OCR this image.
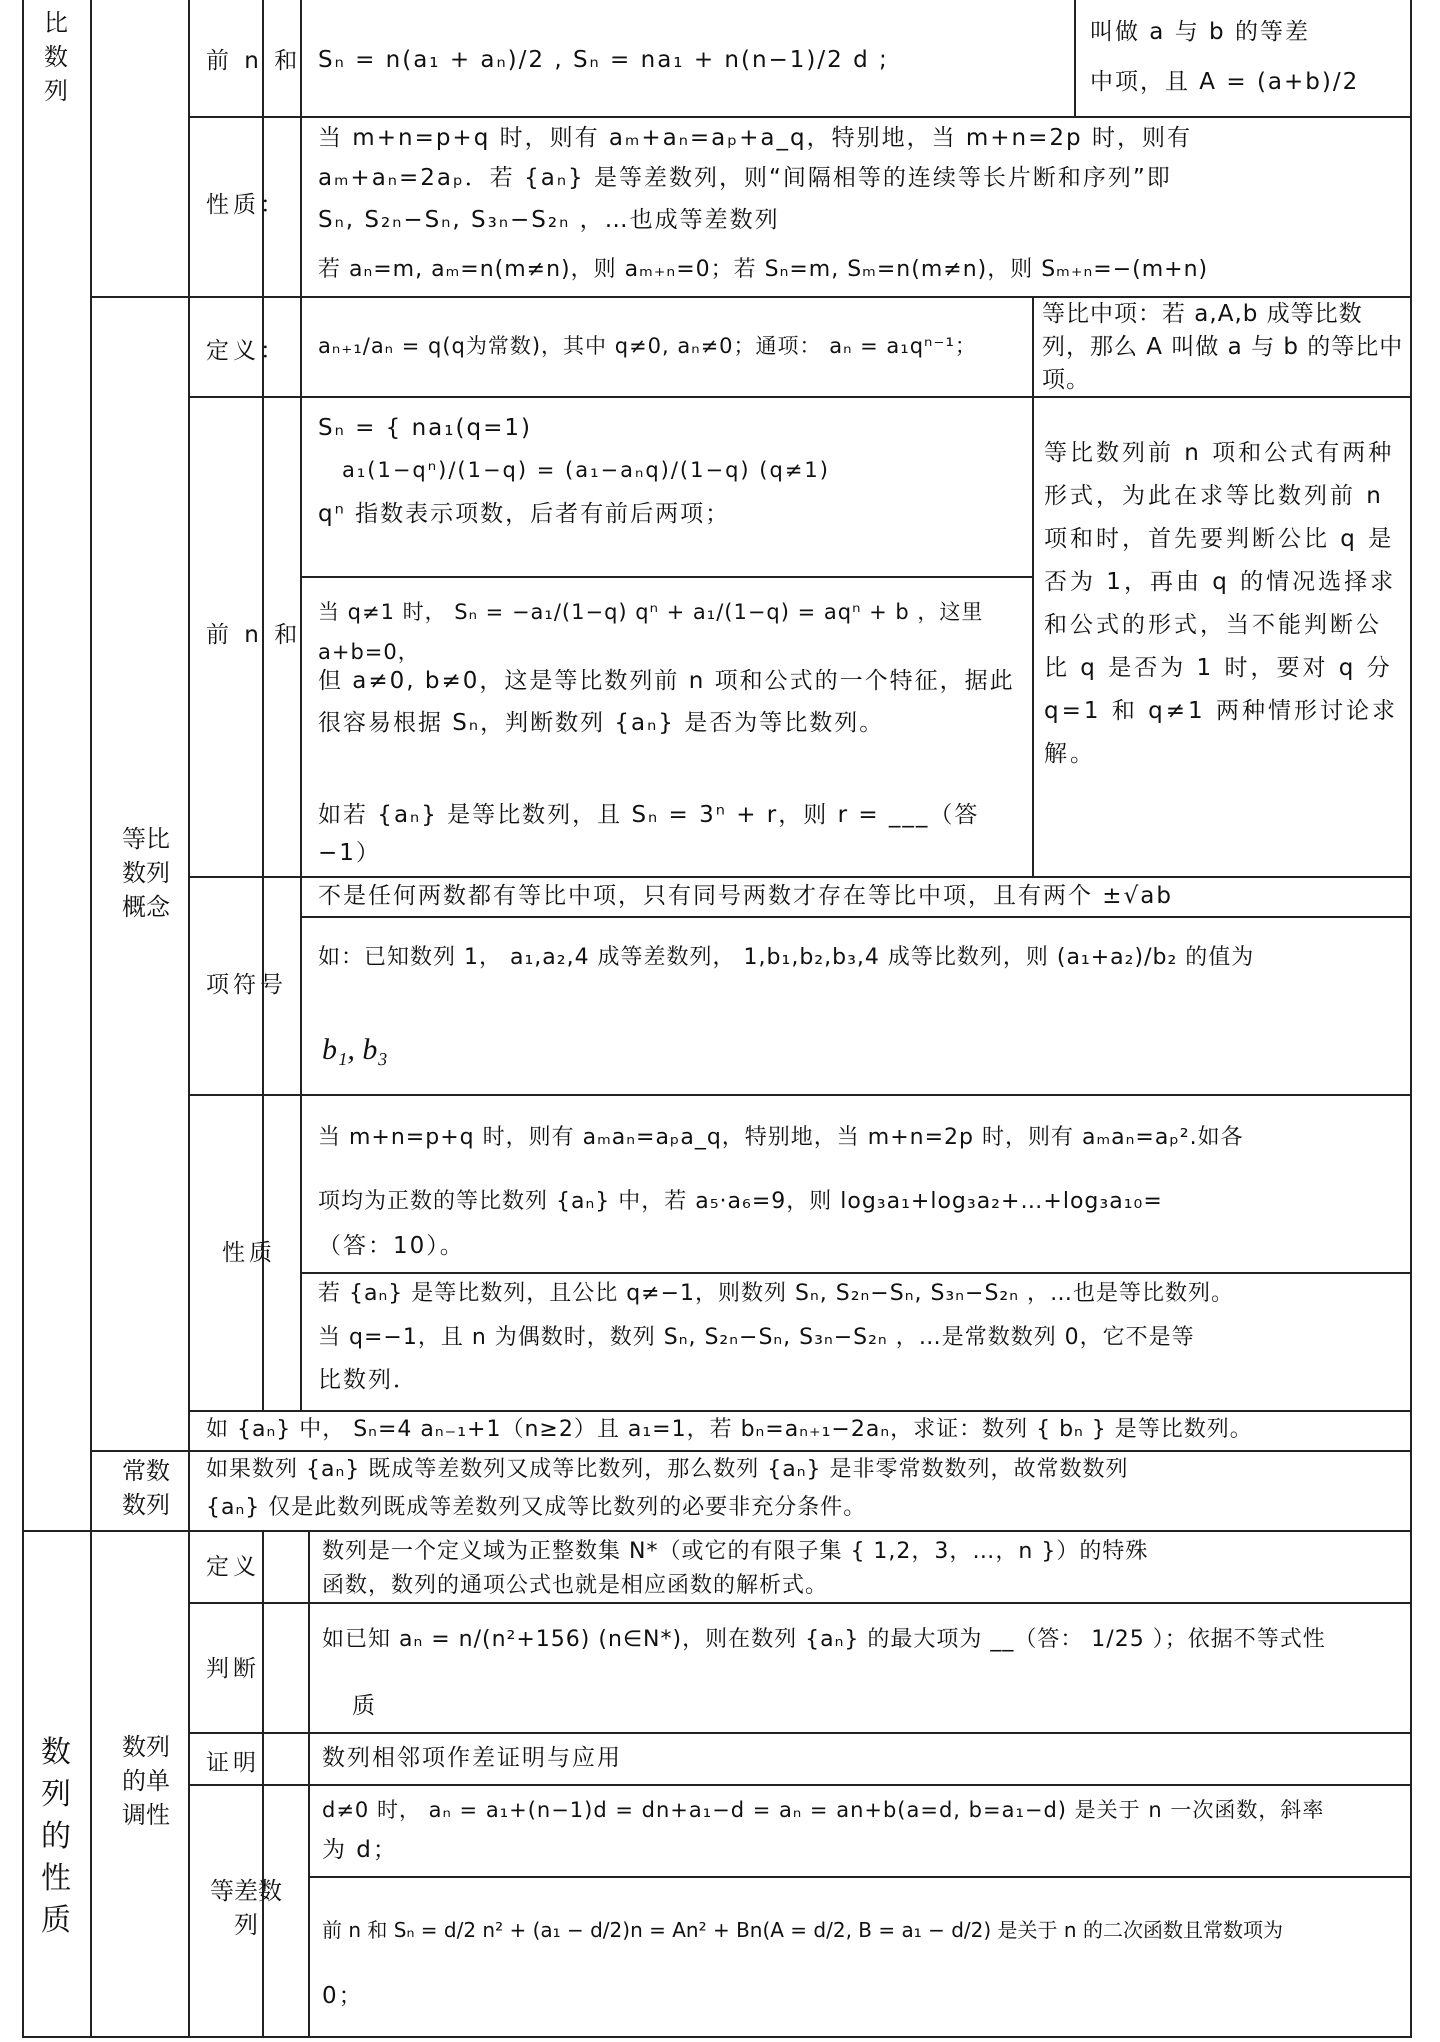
比数列
等比数列概念
常数数列
数列的性质
数列的单调性
前 n 和 Sₙ = n(a₁ + aₙ)/2 , Sₙ = na₁ + n(n−1)/2 d ;
叫做 a 与 b 的等差
中项，且 A = (a+b)/2
性质：
当 m+n=p+q 时，则有 aₘ+aₙ=aₚ+a_q，特别地，当 m+n=2p 时，则有
aₘ+aₙ=2aₚ．若 {aₙ} 是等差数列，则“间隔相等的连续等长片断和序列”即
Sₙ, S₂ₙ−Sₙ, S₃ₙ−S₂ₙ ，…也成等差数列
若 aₙ=m, aₘ=n(m≠n)，则 aₘ₊ₙ=0；若 Sₙ=m, Sₘ=n(m≠n)，则 Sₘ₊ₙ=−(m+n)
定义： aₙ₊₁/aₙ = q(q为常数)，其中 q≠0, aₙ≠0；通项： aₙ = a₁qⁿ⁻¹；
等比中项：若 a,A,b 成等比数列，那么 A 叫做 a 与 b 的等比中项。
前 n 和
Sₙ = { na₁(q=1)
a₁(1−qⁿ)/(1−q) = (a₁−aₙq)/(1−q) (q≠1)
qⁿ 指数表示项数，后者有前后两项；
等比数列前 n 项和公式有两种形式，为此在求等比数列前 n 项和时，首先要判断公比 q 是否为 1，再由 q 的情况选择求和公式的形式，当不能判断公比 q 是否为 1 时，要对 q 分 q=1 和 q≠1 两种情形讨论求解。
当 q≠1 时， Sₙ = −a₁/(1−q) qⁿ + a₁/(1−q) = aqⁿ + b ，这里 a+b=0，
但 a≠0, b≠0，这是等比数列前 n 项和公式的一个特征，据此很容易根据 Sₙ，判断数列 {aₙ} 是否为等比数列。
如若 {aₙ} 是等比数列，且 Sₙ = 3ⁿ + r，则 r = ___（答−1）
项符号
不是任何两数都有等比中项，只有同号两数才存在等比中项，且有两个 ±√ab
如：已知数列 1， a₁,a₂,4 成等差数列， 1,b₁,b₂,b₃,4 成等比数列，则 (a₁+a₂)/b₂ 的值为
b₁, b₃
性质
当 m+n=p+q 时，则有 aₘaₙ=aₚa_q，特别地，当 m+n=2p 时，则有 aₘaₙ=aₚ².如各
项均为正数的等比数列 {aₙ} 中，若 a₅·a₆=9，则 log₃a₁+log₃a₂+…+log₃a₁₀=
（答：10）。
若 {aₙ} 是等比数列，且公比 q≠−1，则数列 Sₙ, S₂ₙ−Sₙ, S₃ₙ−S₂ₙ ，…也是等比数列。
当 q=−1，且 n 为偶数时，数列 Sₙ, S₂ₙ−Sₙ, S₃ₙ−S₂ₙ ，…是常数数列 0，它不是等
比数列．
如 {aₙ} 中， Sₙ=4 aₙ₋₁+1（n≥2）且 a₁=1，若 bₙ=aₙ₊₁−2aₙ，求证：数列 { bₙ } 是等比数列。
如果数列 {aₙ} 既成等差数列又成等比数列，那么数列 {aₙ} 是非零常数数列，故常数数列
{aₙ} 仅是此数列既成等差数列又成等比数列的必要非充分条件。
定义
数列是一个定义域为正整数集 N*（或它的有限子集 { 1,2，3，…，n }）的特殊
函数，数列的通项公式也就是相应函数的解析式。
判断
如已知 aₙ = n/(n²+156) (n∈N*)，则在数列 {aₙ} 的最大项为 __（答： 1/25 ）；依据不等式性
质
证明	数列相邻项作差证明与应用
等差数列
d≠0 时， aₙ = a₁+(n−1)d = dn+a₁−d = aₙ = an+b(a=d, b=a₁−d) 是关于 n 一次函数，斜率
为 d；
前 n 和 Sₙ = d/2 n² + (a₁ − d/2)n = An² + Bn(A = d/2, B = a₁ − d/2) 是关于 n 的二次函数且常数项为
0；
